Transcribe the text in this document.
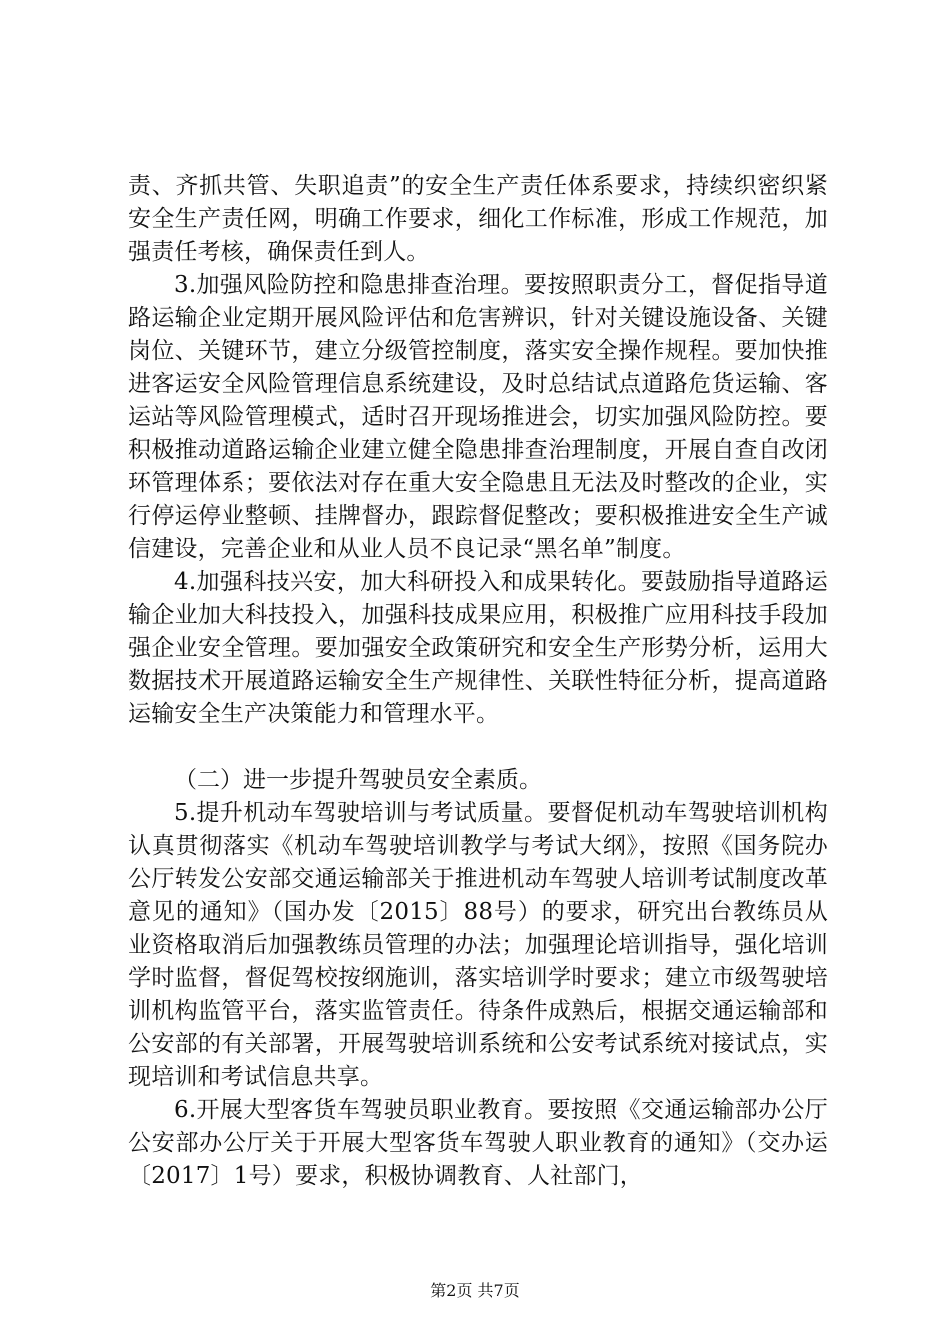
责、齐抓共管、失职追责”的安全生产责任体系要求，持续织密织紧安全生产责任网，明确工作要求，细化工作标准，形成工作规范，加强责任考核，确保责任到人。

3.加强风险防控和隐患排查治理。要按照职责分工，督促指导道路运输企业定期开展风险评估和危害辨识，针对关键设施设备、关键岗位、关键环节，建立分级管控制度，落实安全操作规程。要加快推进客运安全风险管理信息系统建设，及时总结试点道路危货运输、客运站等风险管理模式，适时召开现场推进会，切实加强风险防控。要积极推动道路运输企业建立健全隐患排查治理制度，开展自查自改闭环管理体系；要依法对存在重大安全隐患且无法及时整改的企业，实行停运停业整顿、挂牌督办，跟踪督促整改；要积极推进安全生产诚信建设，完善企业和从业人员不良记录“黑名单”制度。

4.加强科技兴安，加大科研投入和成果转化。要鼓励指导道路运输企业加大科技投入，加强科技成果应用，积极推广应用科技手段加强企业安全管理。要加强安全政策研究和安全生产形势分析，运用大数据技术开展道路运输安全生产规律性、关联性特征分析，提高道路运输安全生产决策能力和管理水平。

（二）进一步提升驾驶员安全素质。

5.提升机动车驾驶培训与考试质量。要督促机动车驾驶培训机构认真贯彻落实《机动车驾驶培训教学与考试大纲》，按照《国务院办公厅转发公安部交通运输部关于推进机动车驾驶人培训考试制度改革意见的通知》（国办发〔2015〕88号）的要求，研究出台教练员从业资格取消后加强教练员管理的办法；加强理论培训指导，强化培训学时监督，督促驾校按纲施训，落实培训学时要求；建立市级驾驶培训机构监管平台，落实监管责任。待条件成熟后，根据交通运输部和公安部的有关部署，开展驾驶培训系统和公安考试系统对接试点，实现培训和考试信息共享。

6.开展大型客货车驾驶员职业教育。要按照《交通运输部办公厅公安部办公厅关于开展大型客货车驾驶人职业教育的通知》（交办运〔2017〕1号）要求，积极协调教育、人社部门，

第2页 共7页
